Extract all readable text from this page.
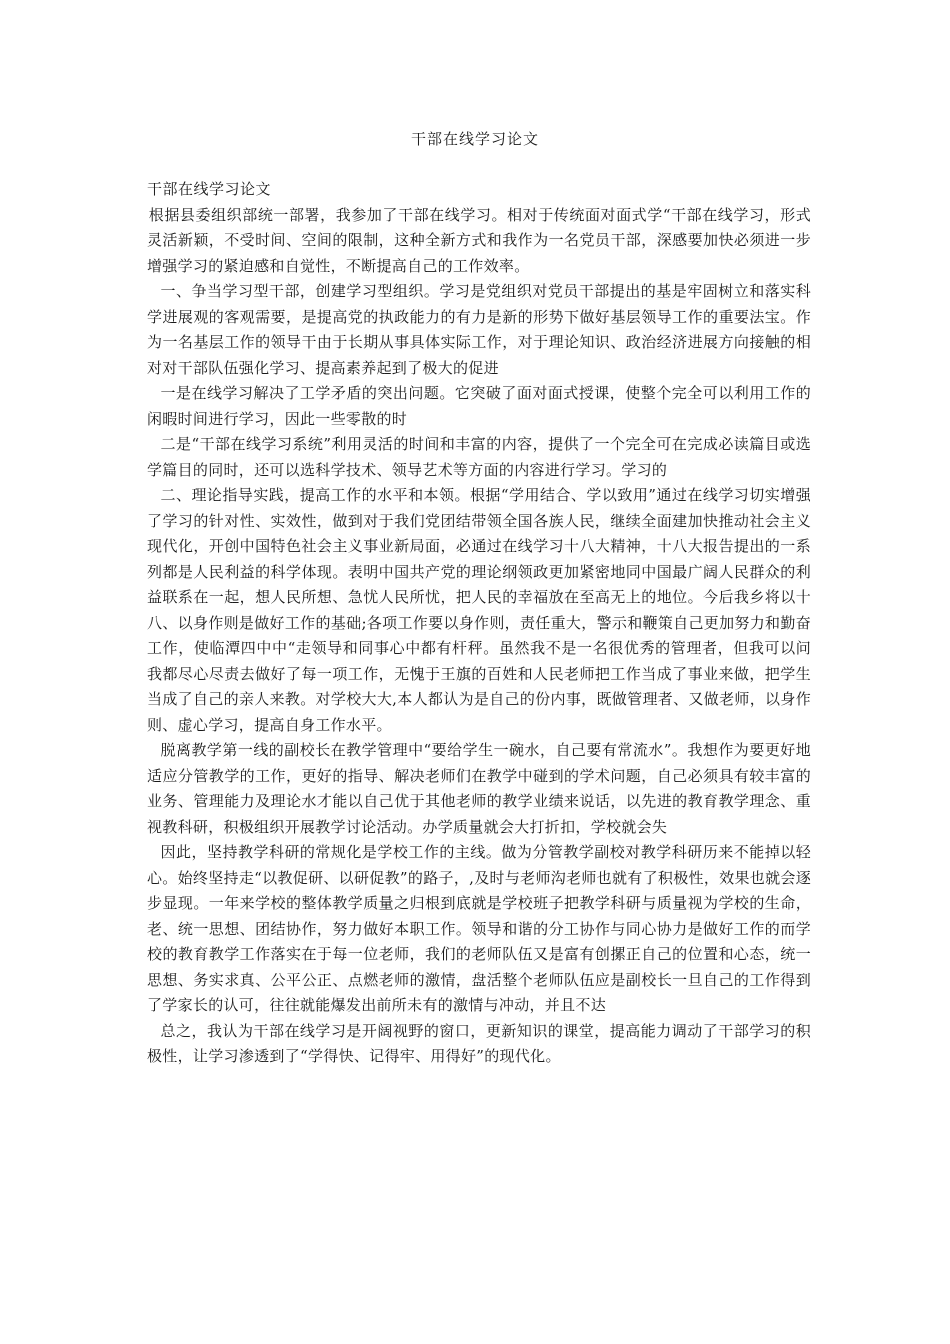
干部在线学习论文

干部在线学习论文

根据县委组织部统一部署，我参加了干部在线学习。相对于传统面对面式学“干部在线学习，形式灵活新颖，不受时间、空间的限制，这种全新方式和我作为一名党员干部，深感要加快必须进一步增强学习的紧迫感和自觉性，不断提高自己的工作效率。

一、争当学习型干部，创建学习型组织。学习是党组织对党员干部提出的基是牢固树立和落实科学进展观的客观需要，是提高党的执政能力的有力是新的形势下做好基层领导工作的重要法宝。作为一名基层工作的领导干由于长期从事具体实际工作，对于理论知识、政治经济进展方向接触的相对对干部队伍强化学习、提高素养起到了极大的促进

一是在线学习解决了工学矛盾的突出问题。它突破了面对面式授课，使整个完全可以利用工作的闲暇时间进行学习，因此一些零散的时

二是“干部在线学习系统”利用灵活的时间和丰富的内容，提供了一个完全可在完成必读篇目或选学篇目的同时，还可以选科学技术、领导艺术等方面的内容进行学习。学习的

二、理论指导实践，提高工作的水平和本领。根据“学用结合、学以致用”通过在线学习切实增强了学习的针对性、实效性，做到对于我们党团结带领全国各族人民，继续全面建加快推动社会主义现代化，开创中国特色社会主义事业新局面，必通过在线学习十八大精神，十八大报告提出的一系列都是人民利益的科学体现。表明中国共产党的理论纲领政更加紧密地同中国最广阔人民群众的利益联系在一起，想人民所想、急忧人民所忧，把人民的幸福放在至高无上的地位。今后我乡将以十八、以身作则是做好工作的基础;各项工作要以身作则，责任重大，警示和鞭策自己更加努力和勤奋工作，使临潭四中中“走领导和同事心中都有杆秤。虽然我不是一名很优秀的管理者，但我可以问我都尽心尽责去做好了每一项工作，无愧于王旗的百姓和人民老师把工作当成了事业来做，把学生当成了自己的亲人来教。对学校大大,本人都认为是自己的份内事，既做管理者、又做老师，以身作则、虚心学习，提高自身工作水平。

脱离教学第一线的副校长在教学管理中“要给学生一碗水，自己要有常流水”。我想作为要更好地适应分管教学的工作，更好的指导、解决老师们在教学中碰到的学术问题，自己必须具有较丰富的业务、管理能力及理论水才能以自己优于其他老师的教学业绩来说话，以先进的教育教学理念、重视教科研，积极组织开展教学讨论活动。办学质量就会大打折扣，学校就会失

因此，坚持教学科研的常规化是学校工作的主线。做为分管教学副校对教学科研历来不能掉以轻心。始终坚持走“以教促研、以研促教”的路子，,及时与老师沟老师也就有了积极性，效果也就会逐步显现。一年来学校的整体教学质量之归根到底就是学校班子把教学科研与质量视为学校的生命，老、统一思想、团结协作，努力做好本职工作。领导和谐的分工协作与同心协力是做好工作的而学校的教育教学工作落实在于每一位老师，我们的老师队伍又是富有创摞正自己的位置和心态，统一思想、务实求真、公平公正、点燃老师的激情，盘活整个老师队伍应是副校长一旦自己的工作得到了学家长的认可，往往就能爆发出前所未有的激情与冲动，并且不达

总之，我认为干部在线学习是开阔视野的窗口，更新知识的课堂，提高能力调动了干部学习的积极性，让学习渗透到了“学得快、记得牢、用得好”的现代化。
